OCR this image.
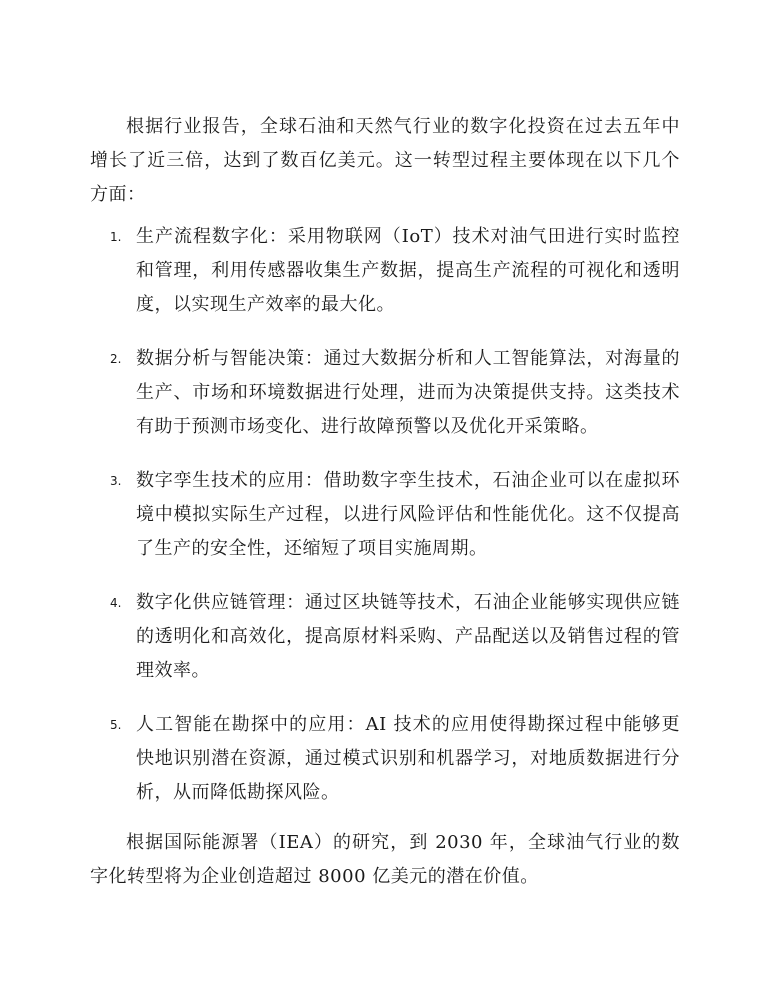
根据行业报告，全球石油和天然气行业的数字化投资在过去五年中增长了近三倍，达到了数百亿美元。这一转型过程主要体现在以下几个方面：

1. 生产流程数字化：采用物联网（IoT）技术对油气田进行实时监控和管理，利用传感器收集生产数据，提高生产流程的可视化和透明度，以实现生产效率的最大化。
2. 数据分析与智能决策：通过大数据分析和人工智能算法，对海量的生产、市场和环境数据进行处理，进而为决策提供支持。这类技术有助于预测市场变化、进行故障预警以及优化开采策略。
3. 数字孪生技术的应用：借助数字孪生技术，石油企业可以在虚拟环境中模拟实际生产过程，以进行风险评估和性能优化。这不仅提高了生产的安全性，还缩短了项目实施周期。
4. 数字化供应链管理：通过区块链等技术，石油企业能够实现供应链的透明化和高效化，提高原材料采购、产品配送以及销售过程的管理效率。
5. 人工智能在勘探中的应用：AI 技术的应用使得勘探过程中能够更快地识别潜在资源，通过模式识别和机器学习，对地质数据进行分析，从而降低勘探风险。

根据国际能源署（IEA）的研究，到 2030 年，全球油气行业的数字化转型将为企业创造超过 8000 亿美元的潜在价值。
